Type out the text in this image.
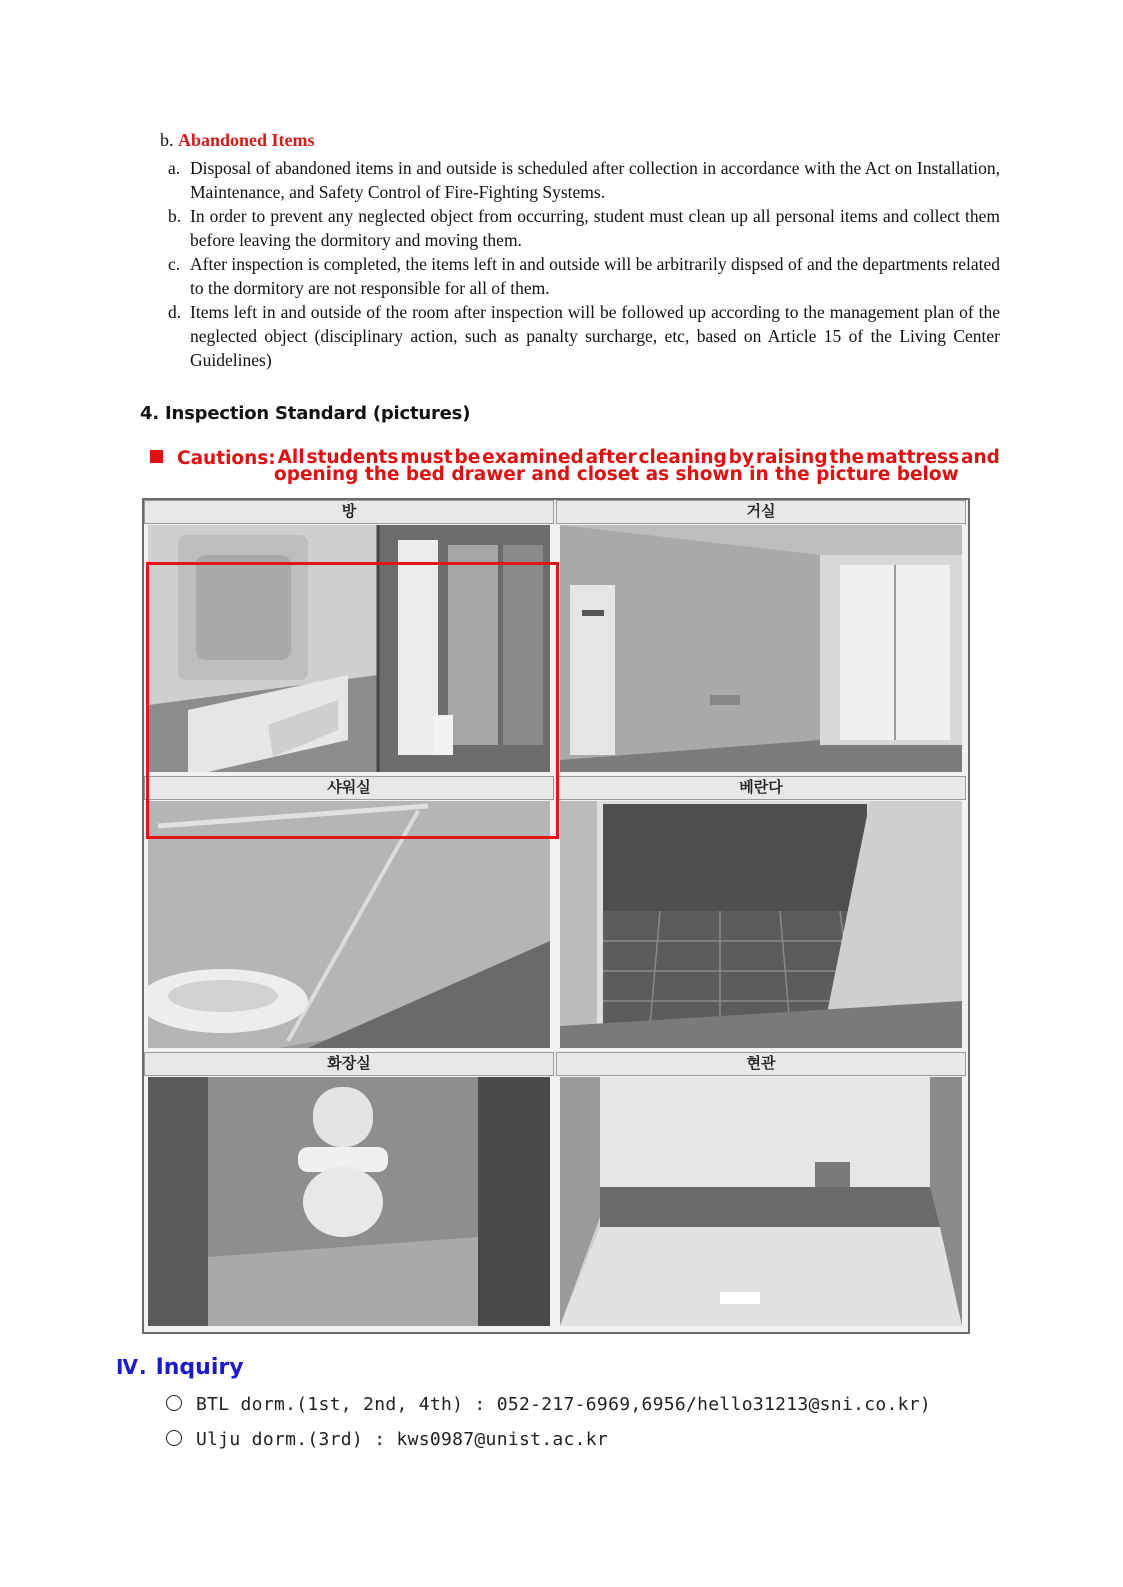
b. Abandoned Items
a. Disposal of abandoned items in and outside is scheduled after collection in accordance with the Act on Installation, Maintenance, and Safety Control of Fire-Fighting Systems.
b. In order to prevent any neglected object from occurring, student must clean up all personal items and collect them before leaving the dormitory and moving them.
c. After inspection is completed, the items left in and outside will be arbitrarily dispsed of and the departments related to the dormitory are not responsible for all of them.
d. Items left in and outside of the room after inspection will be followed up according to the management plan of the neglected object (disciplinary action, such as panalty surcharge, etc, based on Article 15 of the Living Center Guidelines)
4. Inspection Standard (pictures)
Cautions: All students must be examined after cleaning by raising the mattress and
opening the bed drawer and closet as shown in the picture below
방	거실
샤워실	베란다
화장실	현관
Ⅳ. Inquiry
BTL dorm.(1st, 2nd, 4th) : 052-217-6969,6956/hello31213@sni.co.kr)
Ulju dorm.(3rd) : kws0987@unist.ac.kr
